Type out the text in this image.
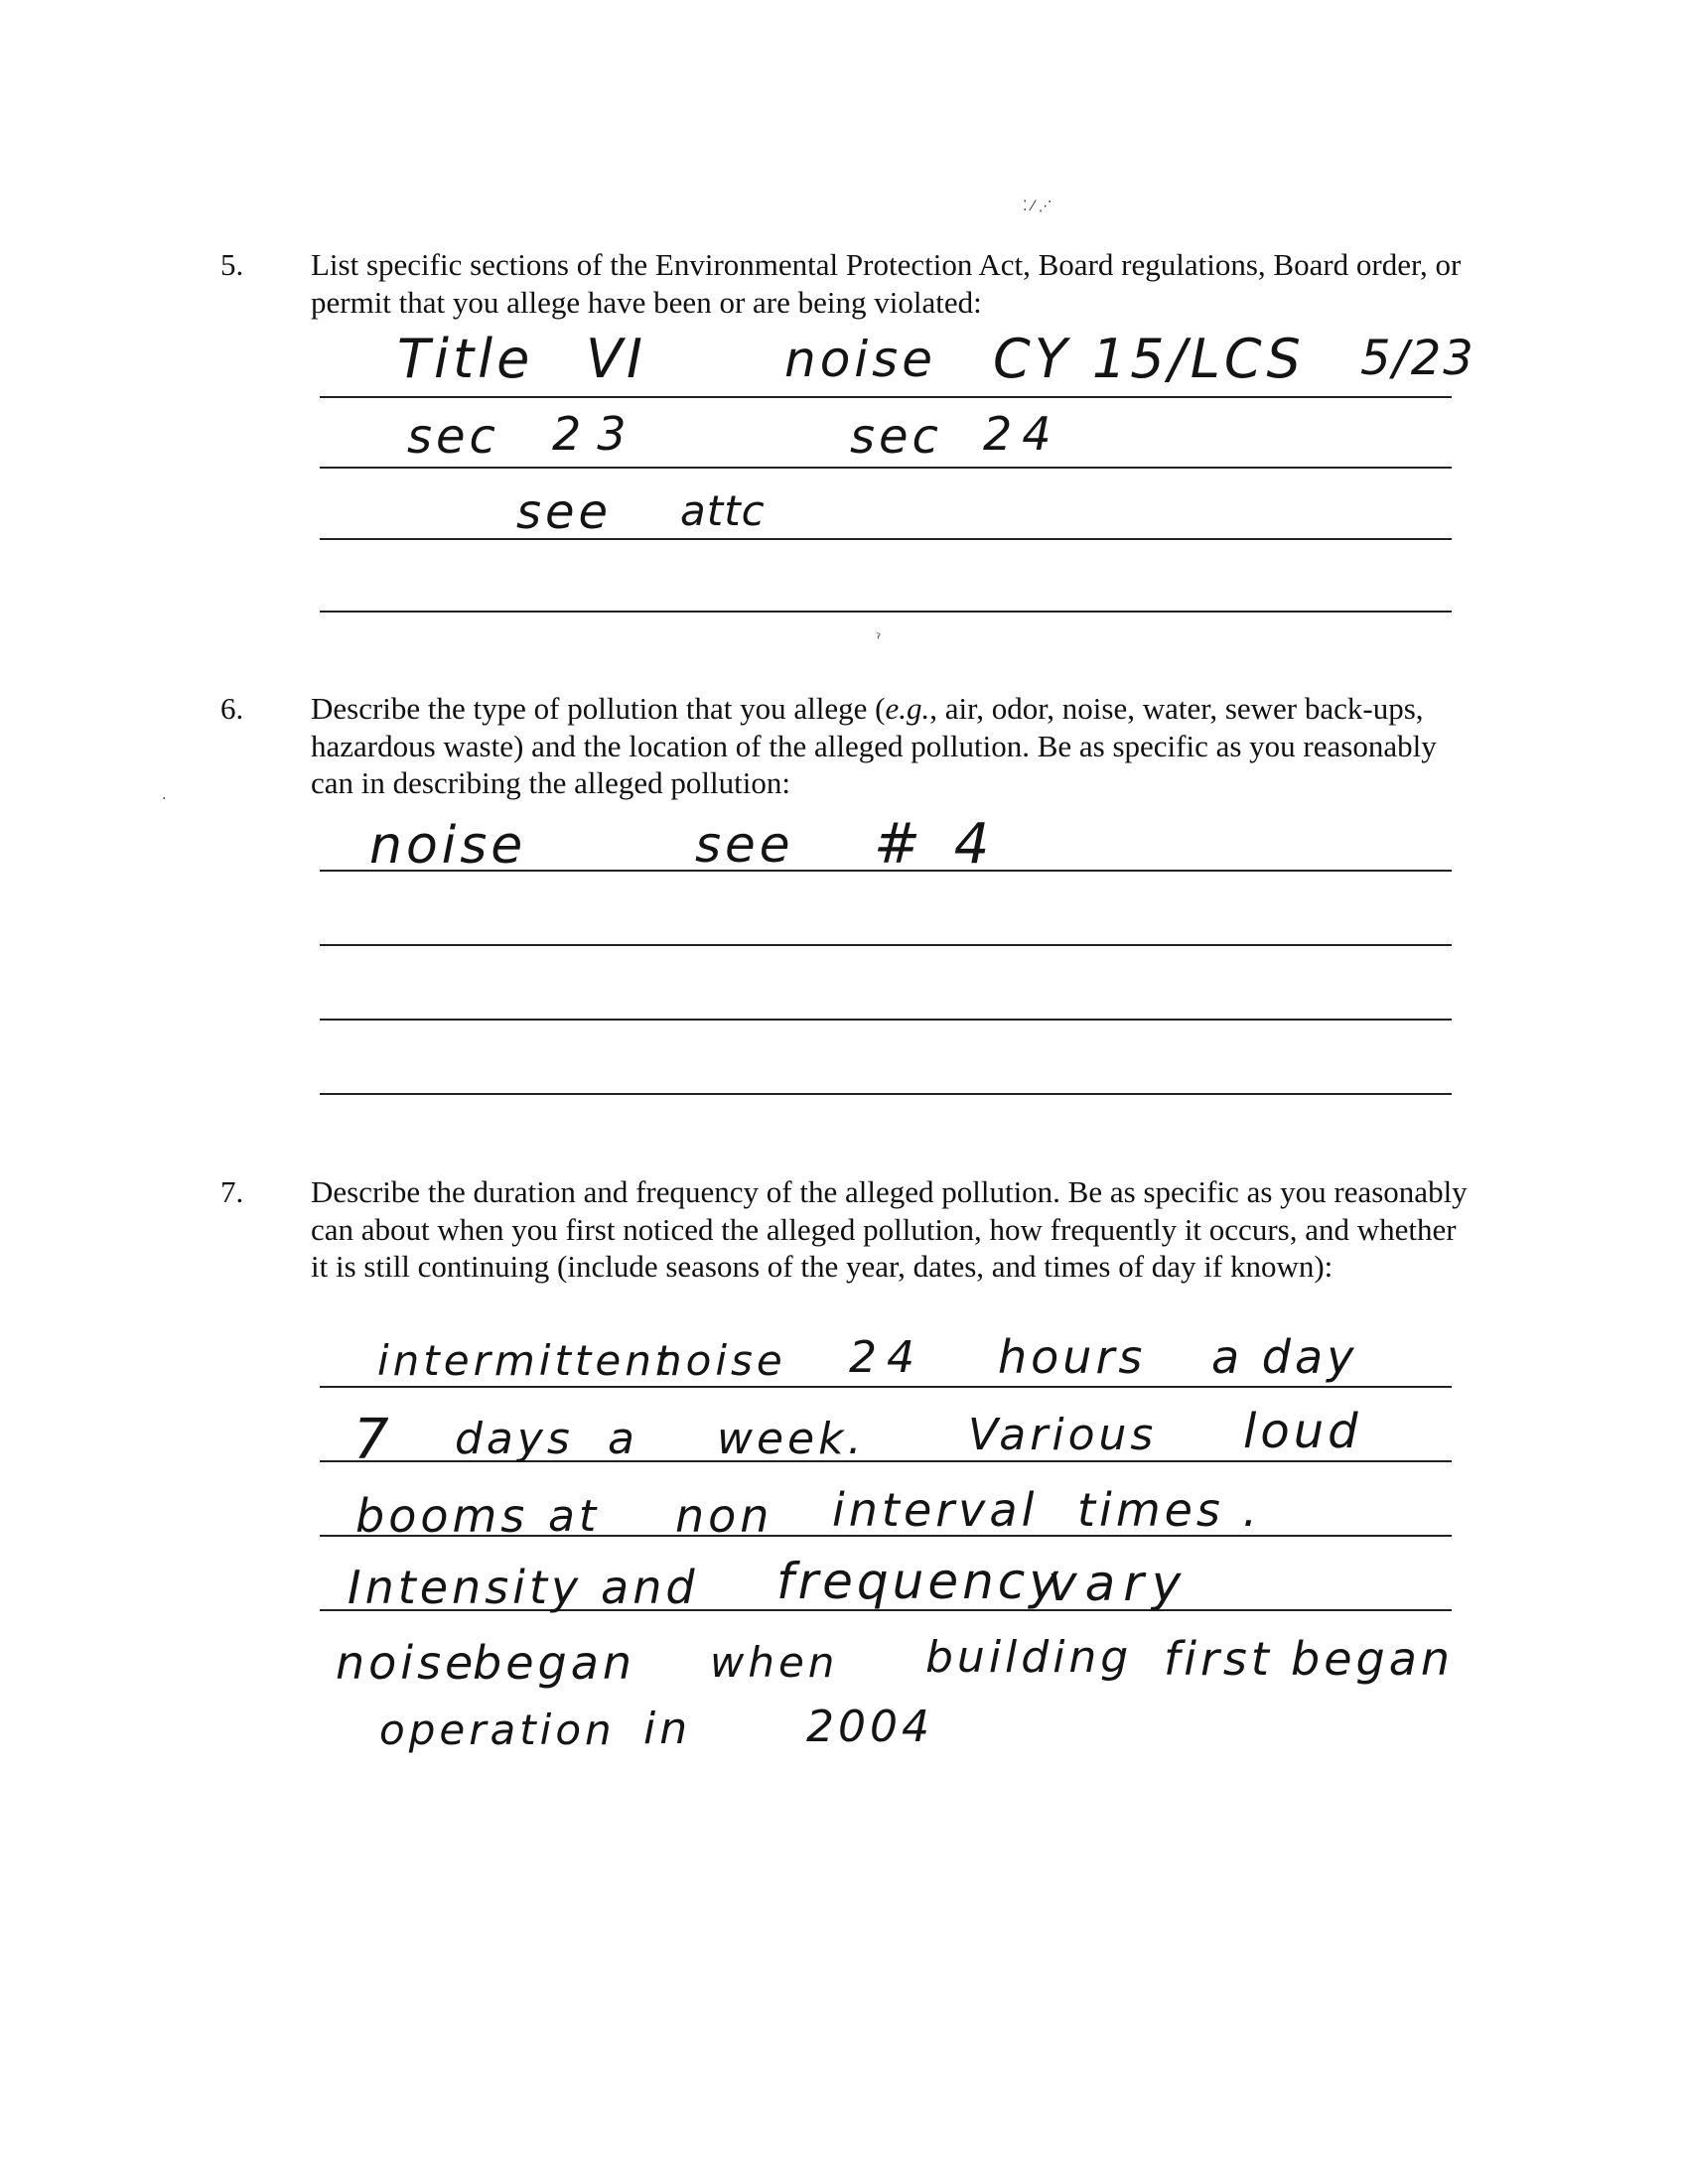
⁚ ⁄ ⋰
ˀ
·
5. List specific sections of the Environmental Protection Act, Board regulations, Board order, or permit that you allege have been or are being violated:
Title VI	noise CY 15/LCS 5/23
sec 23	sec 24
see attc
6. Describe the type of pollution that you allege (e.g., air, odor, noise, water, sewer back-ups, hazardous waste) and the location of the alleged pollution. Be as specific as you reasonably can in describing the alleged pollution:
noise	see # 4
7. Describe the duration and frequency of the alleged pollution. Be as specific as you reasonably can about when you first noticed the alleged pollution, how frequently it occurs, and whether it is still continuing (include seasons of the year, dates, and times of day if known):
intermittent
noise 24 hours a day
7 days a week. Various loud
booms at non interval times .
Intensity and frequency
vary
noise
began when building first began
operation in	2004
